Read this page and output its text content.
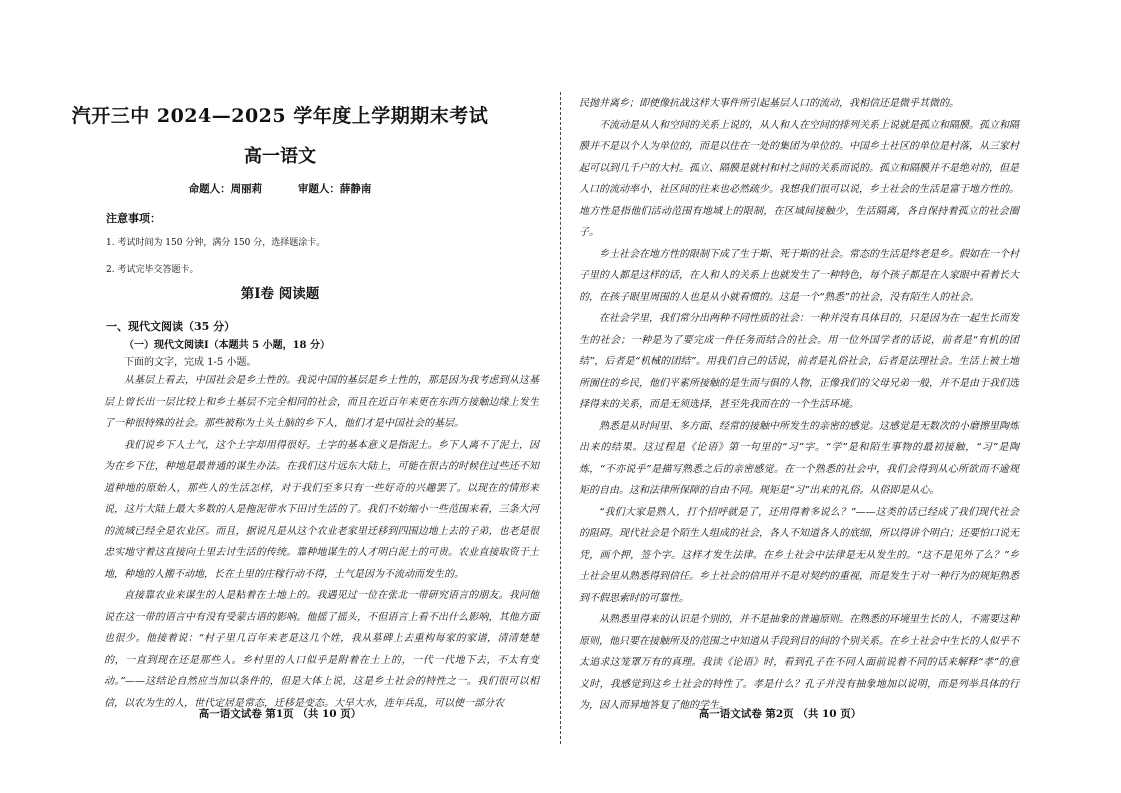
汽开三中 2024—2025 学年度上学期期末考试
高一语文
命题人：周丽莉	审题人：薛静南
注意事项：
1. 考试时间为 150 分钟，满分 150 分，选择题涂卡。
2. 考试完毕交答题卡。
第Ⅰ卷 阅读题
一、现代文阅读（35 分）
（一）现代文阅读Ⅰ（本题共 5 小题，18 分）
下面的文字，完成 1-5 小题。

从基层上看去，中国社会是乡土性的。我说中国的基层是乡土性的，那是因为我考虑到从这基层上曾长出一层比较上和乡土基层不完全相同的社会，而且在近百年来更在东西方接触边缘上发生了一种很特殊的社会。那些被称为土头土脑的乡下人，他们才是中国社会的基层。

我们说乡下人土气，这个土字却用得很好。土字的基本意义是指泥土。乡下人离不了泥土，因为在乡下住，种地是最普通的谋生办法。在我们这片远东大陆上，可能在很古的时候住过些还不知道种地的原始人，那些人的生活怎样，对于我们至多只有一些好奇的兴趣罢了。以现在的情形来说，这片大陆上最大多数的人是拖泥带水下田讨生活的了。我们不妨缩小一些范围来看，三条大河的流域已经全是农业区。而且，据说凡是从这个农业老家里迁移到四围边地上去的子弟，也老是很忠实地守着这直接向土里去讨生活的传统。靠种地谋生的人才明白泥土的可贵。农业直接取资于土地，种地的人搬不动地，长在土里的庄稼行动不得，土气是因为不流动而发生的。

直接靠农业来谋生的人是粘着在土地上的。我遇见过一位在张北一带研究语言的朋友。我问他说在这一带的语言中有没有受蒙古语的影响。他摇了摇头，不但语言上看不出什么影响，其他方面也很少。他接着说：“村子里几百年来老是这几个姓，我从墓碑上去重构每家的家谱，清清楚楚的，一直到现在还是那些人。乡村里的人口似乎是附着在土上的，一代一代地下去，不太有变动。”——这结论自然应当加以条件的，但是大体上说，这是乡土社会的特性之一。我们很可以相信，以农为生的人，世代定居是常态，迁移是变态。大旱大水，连年兵乱，可以使一部分农

高一语文试卷 第1页 （共 10 页）

民抛井离乡；即使像抗战这样大事件所引起基层人口的流动，我相信还是微乎其微的。

不流动是从人和空间的关系上说的，从人和人在空间的排列关系上说就是孤立和隔膜。孤立和隔膜并不是以个人为单位的，而是以住在一处的集团为单位的。中国乡土社区的单位是村落，从三家村起可以到几千户的大村。孤立、隔膜是就村和村之间的关系而说的。孤立和隔膜并不是绝对的，但是人口的流动率小，社区间的往来也必然疏少。我想我们很可以说，乡土社会的生活是富于地方性的。地方性是指他们活动范围有地域上的限制，在区域间接触少，生活隔离，各自保持着孤立的社会圈子。

乡土社会在地方性的限制下成了生于斯、死于斯的社会。常态的生活是终老是乡。假如在一个村子里的人都是这样的话，在人和人的关系上也就发生了一种特色，每个孩子都是在人家眼中看着长大的，在孩子眼里周围的人也是从小就看惯的。这是一个“熟悉”的社会，没有陌生人的社会。

在社会学里，我们常分出两种不同性质的社会：一种并没有具体目的，只是因为在一起生长而发生的社会；一种是为了要完成一件任务而结合的社会。用一位外国学者的话说，前者是“有机的团结”，后者是“机械的团结”。用我们自己的话说，前者是礼俗社会，后者是法理社会。生活上被土地所囿住的乡民，他们平素所接触的是生而与俱的人物，正像我们的父母兄弟一般，并不是由于我们选择得来的关系，而是无须选择，甚至先我而在的一个生活环境。

熟悉是从时间里、多方面、经常的接触中所发生的亲密的感觉。这感觉是无数次的小磨擦里陶炼出来的结果。这过程是《论语》第一句里的“习”字。“学”是和陌生事物的最初接触，“习”是陶炼，“不亦说乎”是描写熟悉之后的亲密感觉。在一个熟悉的社会中，我们会得到从心所欲而不逾规矩的自由。这和法律所保障的自由不同。规矩是“习”出来的礼俗。从俗即是从心。

“我们大家是熟人，打个招呼就是了，还用得着多说么？”——这类的话已经成了我们现代社会的阻碍。现代社会是个陌生人组成的社会，各人不知道各人的底细，所以得讲个明白；还要怕口说无凭，画个押，签个字。这样才发生法律。在乡土社会中法律是无从发生的。“这不是见外了么？”乡土社会里从熟悉得到信任。乡土社会的信用并不是对契约的重视，而是发生于对一种行为的规矩熟悉到不假思索时的可靠性。

从熟悉里得来的认识是个别的，并不是抽象的普遍原则。在熟悉的环境里生长的人，不需要这种原则，他只要在接触所及的范围之中知道从手段到目的间的个别关系。在乡土社会中生长的人似乎不太追求这笼罩万有的真理。我读《论语》时，看到孔子在不同人面前说着不同的话来解释“孝”的意义时，我感觉到这乡土社会的特性了。孝是什么？孔子并没有抽象地加以说明，而是列举具体的行为，因人而异地答复了他的学生。

高一语文试卷 第2页 （共 10 页）
